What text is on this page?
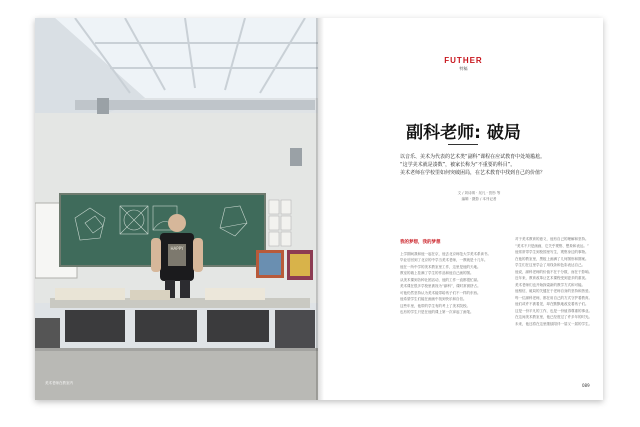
HAPPY
美术老师在教室内
FUTHER
特稿
副科老师: 破局
以音乐、美术为代表的艺术类“副科”课程在应试教育中处境尴尬。
“这学美术就是凑数”，被家长称为“不重要的科目”。
美术老师在学校里如何突破困局，在艺术教育中找到自己的价值？
文 / 刘诗琪 · 吴凡 · 贺彤 等
编辑 · 摄影 / 本刊记者
我的梦想，我的梦想
上学期间我和他一起在京，他去北京师范大学美术系读书。
毕业后回到了北京的中学当美术老师，一教就是十几年。
他在一所中学的美术教室里工作，这里是他的天地。
教室的墙上挂满了学生的作品和他自己画的图。
从美术课到各种社团活动，他的工作一直都很忙碌。
美术课在很多学校里被视为“副科”，课时常被挤占。
可他仍然坚持认为美术能带给孩子们不一样的东西。
他希望学生们能在画画中找到快乐和自信。
这些年里，他带的学生有的考上了美术院校。
也有的学生只是在他的课上第一次拿起了画笔。
对于美术教育的意义，他有自己的理解和坚持。
“美术不只是画画，它关乎观察、想象和表达。”
他常常带学生到校园里写生，观察身边的事物。
在他的教室里，黑板上画满了几何图形和图案。
学生们在这里学会了用线条和色彩表达自己。
他说，副科老师的价值不在于分数，而在于影响。
近年来，教育改革让艺术课程受到更多的重视。
美术老师们也开始探索新的教学方式和可能。
他相信，破局的关键在于老师自身的坚持和热爱。
每一位副科老师，都在用自己的方式守护着教育。
他们或许不被看见，却在默默地改变着孩子们。
这是一份平凡的工作，也是一份值得尊重的事业。
在这间美术教室里，他已经度过了许多年的时光。
未来，他还将在这里继续陪伴一届又一届的学生。
089
